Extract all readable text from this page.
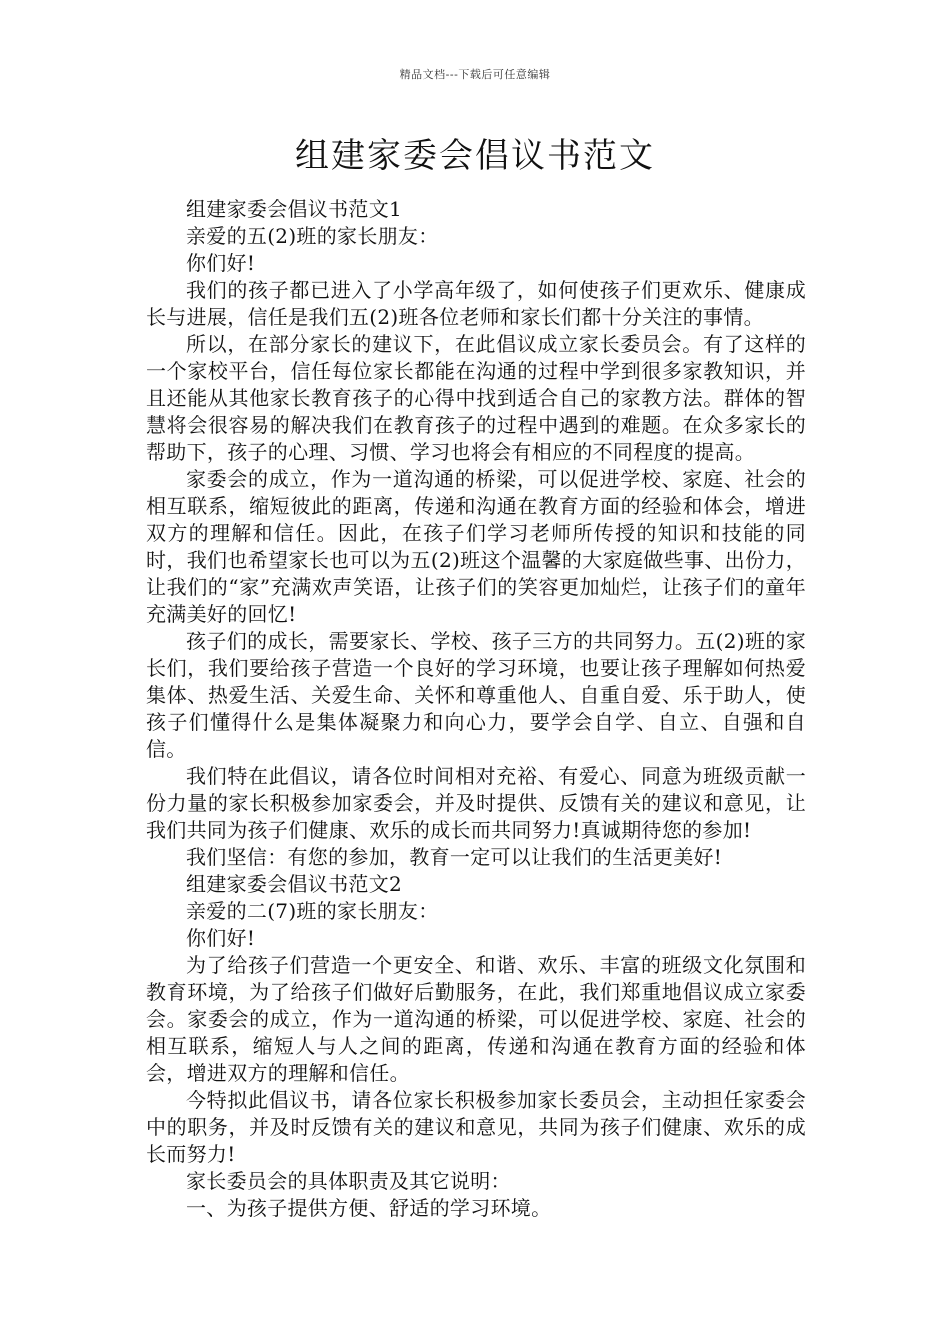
精品文档---下载后可任意编辑
组建家委会倡议书范文

组建家委会倡议书范文1

亲爱的五(2)班的家长朋友：

你们好!

我们的孩子都已进入了小学高年级了，如何使孩子们更欢乐、健康成长与进展，信任是我们五(2)班各位老师和家长们都十分关注的事情。

所以，在部分家长的建议下，在此倡议成立家长委员会。有了这样的一个家校平台，信任每位家长都能在沟通的过程中学到很多家教知识，并且还能从其他家长教育孩子的心得中找到适合自己的家教方法。群体的智慧将会很容易的解决我们在教育孩子的过程中遇到的难题。在众多家长的帮助下，孩子的心理、习惯、学习也将会有相应的不同程度的提高。

家委会的成立，作为一道沟通的桥梁，可以促进学校、家庭、社会的相互联系，缩短彼此的距离，传递和沟通在教育方面的经验和体会，增进双方的理解和信任。因此，在孩子们学习老师所传授的知识和技能的同时，我们也希望家长也可以为五(2)班这个温馨的大家庭做些事、出份力，让我们的“家”充满欢声笑语，让孩子们的笑容更加灿烂，让孩子们的童年充满美好的回忆!

孩子们的成长，需要家长、学校、孩子三方的共同努力。五(2)班的家长们，我们要给孩子营造一个良好的学习环境，也要让孩子理解如何热爱集体、热爱生活、关爱生命、关怀和尊重他人、自重自爱、乐于助人，使孩子们懂得什么是集体凝聚力和向心力，要学会自学、自立、自强和自信。

我们特在此倡议，请各位时间相对充裕、有爱心、同意为班级贡献一份力量的家长积极参加家委会，并及时提供、反馈有关的建议和意见，让我们共同为孩子们健康、欢乐的成长而共同努力!真诚期待您的参加!

我们坚信：有您的参加，教育一定可以让我们的生活更美好!

组建家委会倡议书范文2

亲爱的二(7)班的家长朋友：

你们好!

为了给孩子们营造一个更安全、和谐、欢乐、丰富的班级文化氛围和教育环境，为了给孩子们做好后勤服务，在此，我们郑重地倡议成立家委会。家委会的成立，作为一道沟通的桥梁，可以促进学校、家庭、社会的相互联系，缩短人与人之间的距离，传递和沟通在教育方面的经验和体会，增进双方的理解和信任。

今特拟此倡议书，请各位家长积极参加家长委员会，主动担任家委会中的职务，并及时反馈有关的建议和意见，共同为孩子们健康、欢乐的成长而努力!

家长委员会的具体职责及其它说明：

一、为孩子提供方便、舒适的学习环境。
